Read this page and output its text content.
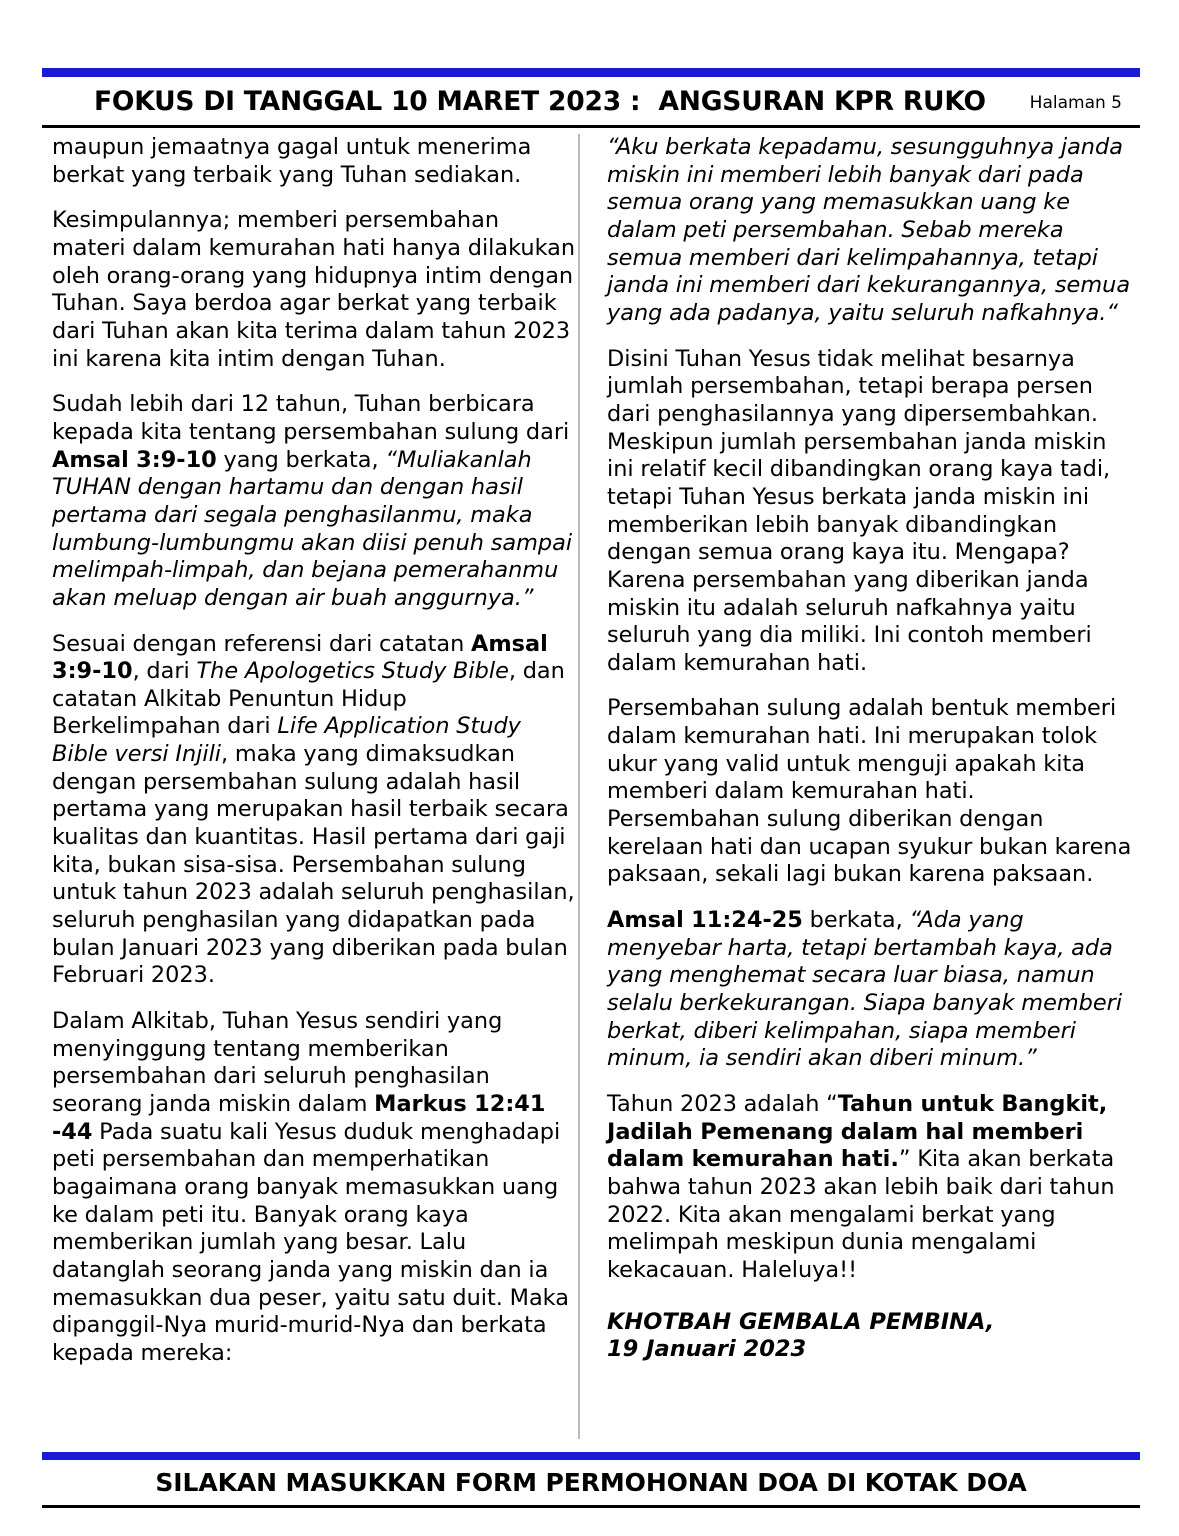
FOKUS DI TANGGAL 10 MARET 2023 :  ANGSURAN KPR RUKO	Halaman 5

maupun jemaatnya gagal untuk menerima berkat yang terbaik yang Tuhan sediakan.

Kesimpulannya; memberi persembahan materi dalam kemurahan hati hanya dilakukan oleh orang-orang yang hidupnya intim dengan Tuhan. Saya berdoa agar berkat yang terbaik dari Tuhan akan kita terima dalam tahun 2023 ini karena kita intim dengan Tuhan.

Sudah lebih dari 12 tahun, Tuhan berbicara kepada kita tentang persembahan sulung dari Amsal 3:9-10 yang berkata, “Muliakanlah TUHAN dengan hartamu dan dengan hasil pertama dari segala penghasilanmu, maka lumbung-lumbungmu akan diisi penuh sampai melimpah-limpah, dan bejana pemerahanmu akan meluap dengan air buah anggurnya.”

Sesuai dengan referensi dari catatan Amsal 3:9-10, dari The Apologetics Study Bible, dan catatan Alkitab Penuntun Hidup Berkelimpahan dari Life Application Study Bible versi Injili, maka yang dimaksudkan dengan persembahan sulung adalah hasil pertama yang merupakan hasil terbaik secara kualitas dan kuantitas. Hasil pertama dari gaji kita, bukan sisa-sisa. Persembahan sulung untuk tahun 2023 adalah seluruh penghasilan, seluruh penghasilan yang didapatkan pada bulan Januari 2023 yang diberikan pada bulan Februari 2023.

Dalam Alkitab, Tuhan Yesus sendiri yang menyinggung tentang memberikan persembahan dari seluruh penghasilan seorang janda miskin dalam Markus 12:41 -44 Pada suatu kali Yesus duduk menghadapi peti persembahan dan memperhatikan bagaimana orang banyak memasukkan uang ke dalam peti itu. Banyak orang kaya memberikan jumlah yang besar. Lalu datanglah seorang janda yang miskin dan ia memasukkan dua peser, yaitu satu duit. Maka dipanggil-Nya murid-murid-Nya dan berkata kepada mereka:

“Aku berkata kepadamu, sesungguhnya janda miskin ini memberi lebih banyak dari pada semua orang yang memasukkan uang ke dalam peti persembahan. Sebab mereka semua memberi dari kelimpahannya, tetapi janda ini memberi dari kekurangannya, semua yang ada padanya, yaitu seluruh nafkahnya.“

Disini Tuhan Yesus tidak melihat besarnya jumlah persembahan, tetapi berapa persen dari penghasilannya yang dipersembahkan. Meskipun jumlah persembahan janda miskin ini relatif kecil dibandingkan orang kaya tadi, tetapi Tuhan Yesus berkata janda miskin ini memberikan lebih banyak dibandingkan dengan semua orang kaya itu. Mengapa? Karena persembahan yang diberikan janda miskin itu adalah seluruh nafkahnya yaitu seluruh yang dia miliki. Ini contoh memberi dalam kemurahan hati.

Persembahan sulung adalah bentuk memberi dalam kemurahan hati. Ini merupakan tolok ukur yang valid untuk menguji apakah kita memberi dalam kemurahan hati. Persembahan sulung diberikan dengan kerelaan hati dan ucapan syukur bukan karena paksaan, sekali lagi bukan karena paksaan.

Amsal 11:24-25 berkata, “Ada yang menyebar harta, tetapi bertambah kaya, ada yang menghemat secara luar biasa, namun selalu berkekurangan. Siapa banyak memberi berkat, diberi kelimpahan, siapa memberi minum, ia sendiri akan diberi minum.”

Tahun 2023 adalah “Tahun untuk Bangkit, Jadilah Pemenang dalam hal memberi dalam kemurahan hati.” Kita akan berkata bahwa tahun 2023 akan lebih baik dari tahun 2022. Kita akan mengalami berkat yang melimpah meskipun dunia mengalami kekacauan. Haleluya!!

KHOTBAH GEMBALA PEMBINA,
19 Januari 2023
SILAKAN MASUKKAN FORM PERMOHONAN DOA DI KOTAK DOA
